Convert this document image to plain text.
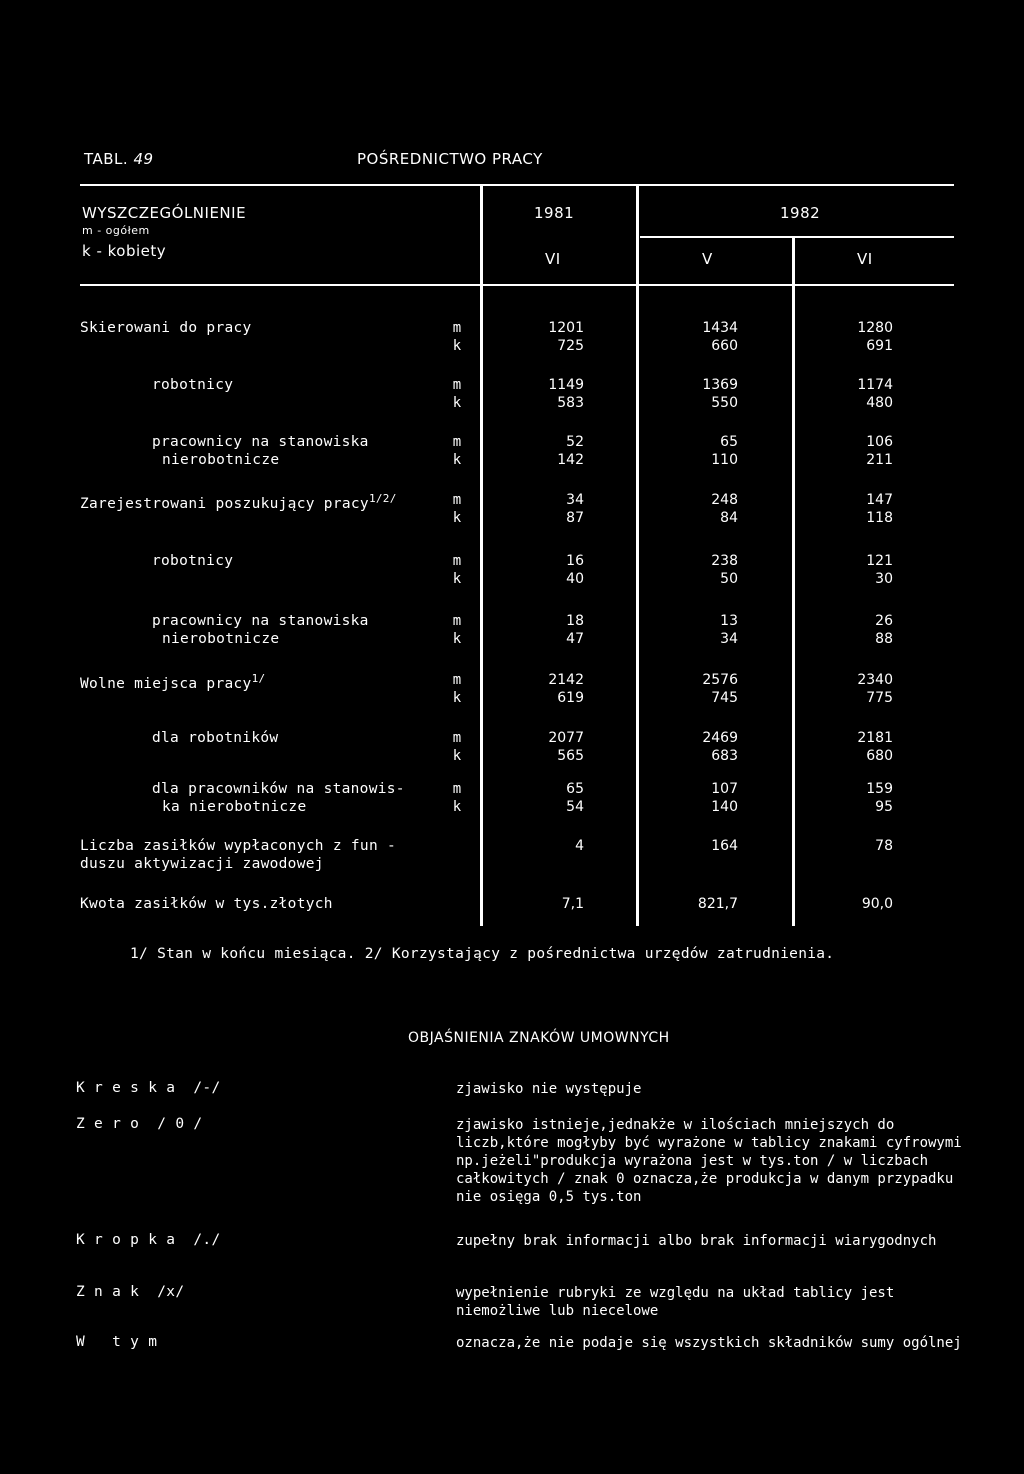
TABL. 49	POŚREDNICTWO PRACY
WYSZCZEGÓLNIENIE
m - ogółem
k - kobiety
1981	1982
VI	V	VI
Skierowani do pracy	m	1201	1434	1280
k	725	660	691
robotnicy	m	1149	1369	1174
k	583	550	480
pracownicy na stanowiska
nierobotnicze
m	52	65	106
k	142	110	211
Zarejestrowani poszukujący pracy$^{1/2/}$	m	34	248	147
k	87	84	118
robotnicy	m	16	238	121
k	40	50	30
pracownicy na stanowiska
nierobotnicze
m	18	13	26
k	47	34	88
Wolne miejsca pracy$^{1/}$	m	2142	2576	2340
k	619	745	775
dla robotników	m	2077	2469	2181
k	565	683	680
dla pracowników na stanowis-
ka nierobotnicze
m	65	107	159
k	54	140	95
Liczba zasiłków wypłaconych z fun -
duszu aktywizacji zawodowej
4	164	78
Kwota zasiłków w tys.złotych	7,1	821,7	90,0
1/ Stan w końcu miesiąca. 2/ Korzystający z pośrednictwa urzędów zatrudnienia.
OBJAŚNIENIA ZNAKÓW UMOWNYCH
K r e s k a  /-/	zjawisko nie występuje
Z e r o  / 0 /	zjawisko istnieje,jednakże w ilościach mniejszych do liczb,które mogłyby być wyrażone w tablicy znakami cyfrowymi np.jeżeli"produkcja wyrażona jest w tys.ton / w liczbach całkowitych / znak 0 oznacza,że produkcja w danym przypadku nie osięga 0,5 tys.ton
K r o p k a  /./	zupełny brak informacji albo brak informacji wiarygodnych
Z n a k  /x/	wypełnienie rubryki ze względu na układ tablicy jest niemożliwe lub niecelowe
W   t y m	oznacza,że nie podaje się wszystkich składników sumy ogólnej
